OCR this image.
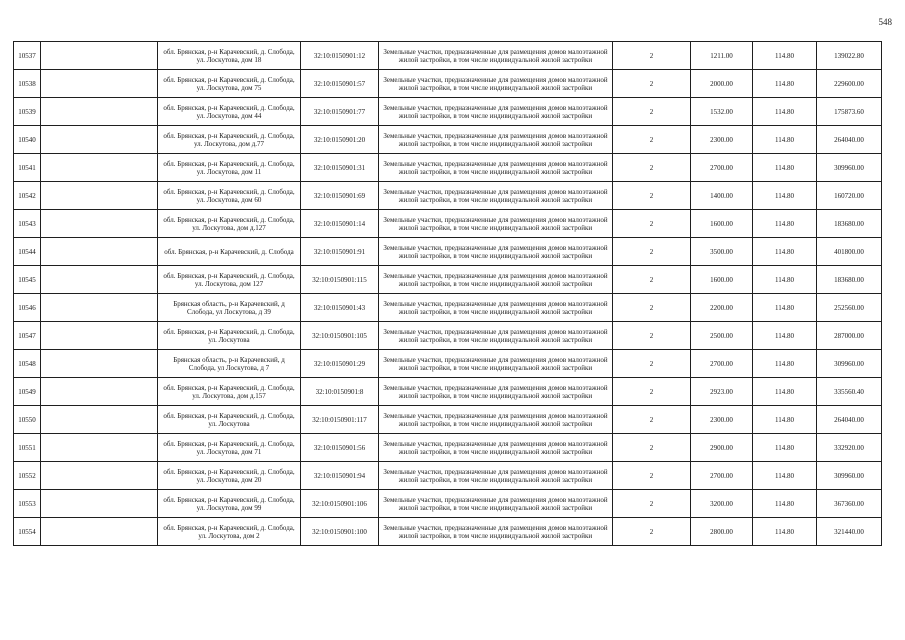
548
10537		обл. Брянская, р-н Карачевский, д. Слобода, ул. Лоскутова, дом 18	32:10:0150901:12	Земельные участки, предназначенные для размещения домов малоэтажной жилой застройки, в том числе индивидуальной жилой застройки	2	1211.00	114.80	139022.80
10538		обл. Брянская, р-н Карачевский, д. Слобода, ул. Лоскутова, дом 75	32:10:0150901:57	Земельные участки, предназначенные для размещения домов малоэтажной жилой застройки, в том числе индивидуальной жилой застройки	2	2000.00	114.80	229600.00
10539		обл. Брянская, р-н Карачевский, д. Слобода, ул. Лоскутова, дом 44	32:10:0150901:77	Земельные участки, предназначенные для размещения домов малоэтажной жилой застройки, в том числе индивидуальной жилой застройки	2	1532.00	114.80	175873.60
10540		обл. Брянская, р-н Карачевский, д. Слобода, ул. Лоскутова, дом д.77	32:10:0150901:20	Земельные участки, предназначенные для размещения домов малоэтажной жилой застройки, в том числе индивидуальной жилой застройки	2	2300.00	114.80	264040.00
10541		обл. Брянская, р-н Карачевский, д. Слобода, ул. Лоскутова, дом 11	32:10:0150901:31	Земельные участки, предназначенные для размещения домов малоэтажной жилой застройки, в том числе индивидуальной жилой застройки	2	2700.00	114.80	309960.00
10542		обл. Брянская, р-н Карачевский, д. Слобода, ул. Лоскутова, дом 60	32:10:0150901:69	Земельные участки, предназначенные для размещения домов малоэтажной жилой застройки, в том числе индивидуальной жилой застройки	2	1400.00	114.80	160720.00
10543		обл. Брянская, р-н Карачевский, д. Слобода, ул. Лоскутова, дом д.127	32:10:0150901:14	Земельные участки, предназначенные для размещения домов малоэтажной жилой застройки, в том числе индивидуальной жилой застройки	2	1600.00	114.80	183680.00
10544		обл. Брянская, р-н Карачевский, д. Слобода	32:10:0150901:91	Земельные участки, предназначенные для размещения домов малоэтажной жилой застройки, в том числе индивидуальной жилой застройки	2	3500.00	114.80	401800.00
10545		обл. Брянская, р-н Карачевский, д. Слобода, ул. Лоскутова, дом 127	32:10:0150901:115	Земельные участки, предназначенные для размещения домов малоэтажной жилой застройки, в том числе индивидуальной жилой застройки	2	1600.00	114.80	183680.00
10546		Брянская область, р-н Карачевский, д Слобода, ул Лоскутова, д 39	32:10:0150901:43	Земельные участки, предназначенные для размещения домов малоэтажной жилой застройки, в том числе индивидуальной жилой застройки	2	2200.00	114.80	252560.00
10547		обл. Брянская, р-н Карачевский, д. Слобода, ул. Лоскутова	32:10:0150901:105	Земельные участки, предназначенные для размещения домов малоэтажной жилой застройки, в том числе индивидуальной жилой застройки	2	2500.00	114.80	287000.00
10548		Брянская область, р-н Карачевский, д Слобода, ул Лоскутова, д 7	32:10:0150901:29	Земельные участки, предназначенные для размещения домов малоэтажной жилой застройки, в том числе индивидуальной жилой застройки	2	2700.00	114.80	309960.00
10549		обл. Брянская, р-н Карачевский, д. Слобода, ул. Лоскутова, дом д.157	32:10:0150901:8	Земельные участки, предназначенные для размещения домов малоэтажной жилой застройки, в том числе индивидуальной жилой застройки	2	2923.00	114.80	335560.40
10550		обл. Брянская, р-н Карачевский, д. Слобода, ул. Лоскутова	32:10:0150901:117	Земельные участки, предназначенные для размещения домов малоэтажной жилой застройки, в том числе индивидуальной жилой застройки	2	2300.00	114.80	264040.00
10551		обл. Брянская, р-н Карачевский, д. Слобода, ул. Лоскутова, дом 71	32:10:0150901:56	Земельные участки, предназначенные для размещения домов малоэтажной жилой застройки, в том числе индивидуальной жилой застройки	2	2900.00	114.80	332920.00
10552		обл. Брянская, р-н Карачевский, д. Слобода, ул. Лоскутова, дом 20	32:10:0150901:94	Земельные участки, предназначенные для размещения домов малоэтажной жилой застройки, в том числе индивидуальной жилой застройки	2	2700.00	114.80	309960.00
10553		обл. Брянская, р-н Карачевский, д. Слобода, ул. Лоскутова, дом 99	32:10:0150901:106	Земельные участки, предназначенные для размещения домов малоэтажной жилой застройки, в том числе индивидуальной жилой застройки	2	3200.00	114.80	367360.00
10554		обл. Брянская, р-н Карачевский, д. Слобода, ул. Лоскутова, дом 2	32:10:0150901:100	Земельные участки, предназначенные для размещения домов малоэтажной жилой застройки, в том числе индивидуальной жилой застройки	2	2800.00	114.80	321440.00
